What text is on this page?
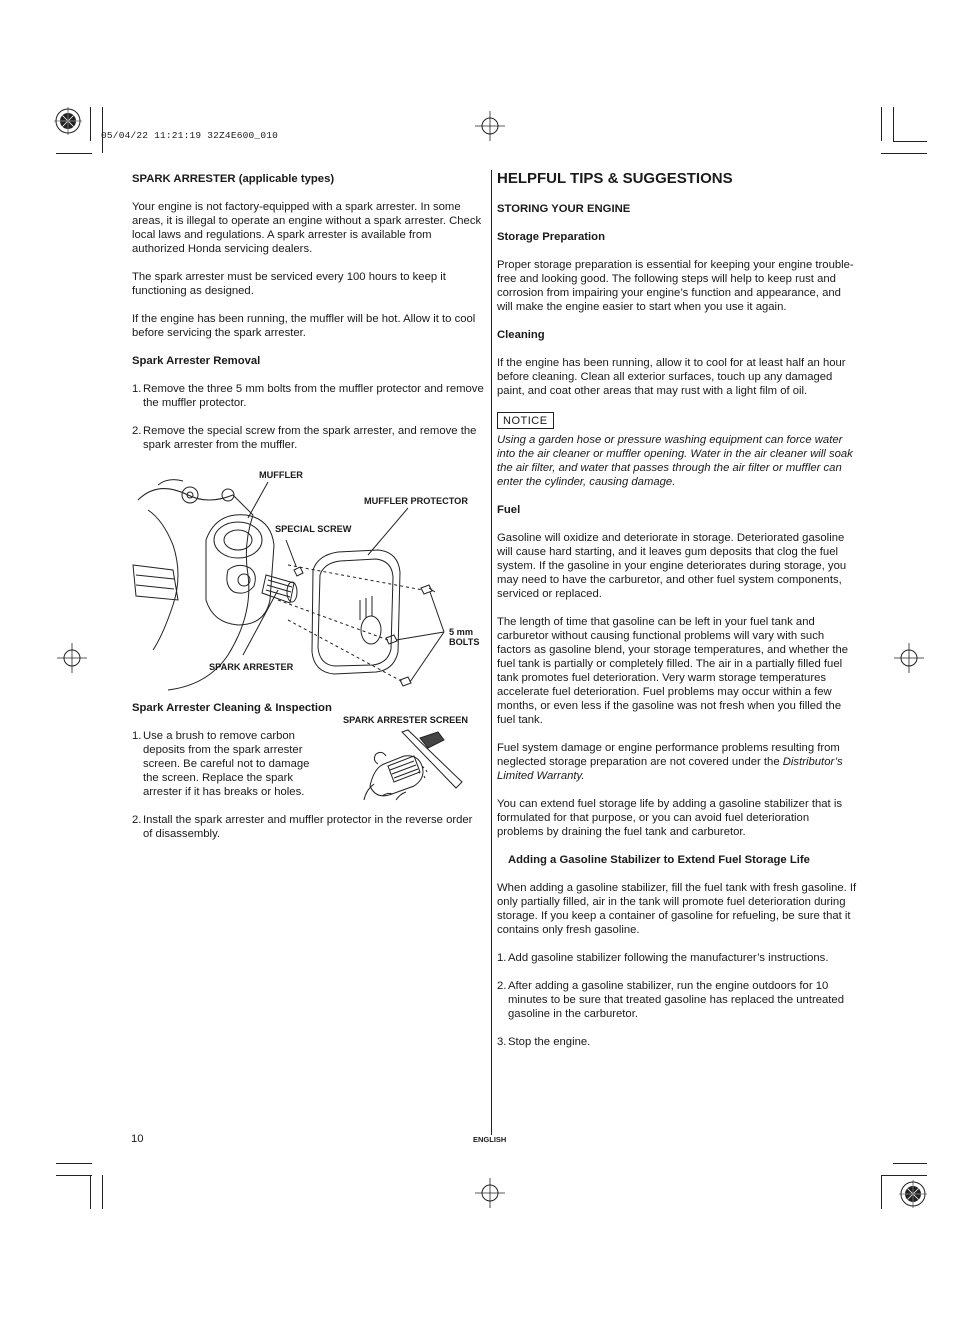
05/04/22 11:21:19 32Z4E600_010

SPARK ARRESTER (applicable types)

Your engine is not factory-equipped with a spark arrester. In some areas, it is illegal to operate an engine without a spark arrester. Check local laws and regulations. A spark arrester is available from authorized Honda servicing dealers.

The spark arrester must be serviced every 100 hours to keep it functioning as designed.

If the engine has been running, the muffler will be hot. Allow it to cool before servicing the spark arrester.

Spark Arrester Removal

1. Remove the three 5 mm bolts from the muffler protector and remove the muffler protector.
2. Remove the special screw from the spark arrester, and remove the spark arrester from the muffler.
MUFFLER
MUFFLER PROTECTOR
SPECIAL SCREW
5 mm
BOLTS
SPARK ARRESTER

Spark Arrester Cleaning & Inspection

1. Use a brush to remove carbon deposits from the spark arrester screen. Be careful not to damage the screen. Replace the spark arrester if it has breaks or holes.
2. Install the spark arrester and muffler protector in the reverse order of disassembly.
SPARK ARRESTER SCREEN

HELPFUL TIPS & SUGGESTIONS

STORING YOUR ENGINE

Storage Preparation

Proper storage preparation is essential for keeping your engine trouble-free and looking good. The following steps will help to keep rust and corrosion from impairing your engine’s function and appearance, and will make the engine easier to start when you use it again.

Cleaning

If the engine has been running, allow it to cool for at least half an hour before cleaning. Clean all exterior surfaces, touch up any damaged paint, and coat other areas that may rust with a light film of oil.

NOTICE

Using a garden hose or pressure washing equipment can force water into the air cleaner or muffler opening. Water in the air cleaner will soak the air filter, and water that passes through the air filter or muffler can enter the cylinder, causing damage.

Fuel

Gasoline will oxidize and deteriorate in storage. Deteriorated gasoline will cause hard starting, and it leaves gum deposits that clog the fuel system. If the gasoline in your engine deteriorates during storage, you may need to have the carburetor, and other fuel system components, serviced or replaced.

The length of time that gasoline can be left in your fuel tank and carburetor without causing functional problems will vary with such factors as gasoline blend, your storage temperatures, and whether the fuel tank is partially or completely filled. The air in a partially filled fuel tank promotes fuel deterioration. Very warm storage temperatures accelerate fuel deterioration. Fuel problems may occur within a few months, or even less if the gasoline was not fresh when you filled the fuel tank.

Fuel system damage or engine performance problems resulting from neglected storage preparation are not covered under the Distributor’s Limited Warranty.

You can extend fuel storage life by adding a gasoline stabilizer that is formulated for that purpose, or you can avoid fuel deterioration problems by draining the fuel tank and carburetor.

Adding a Gasoline Stabilizer to Extend Fuel Storage Life

When adding a gasoline stabilizer, fill the fuel tank with fresh gasoline. If only partially filled, air in the tank will promote fuel deterioration during storage. If you keep a container of gasoline for refueling, be sure that it contains only fresh gasoline.

1. Add gasoline stabilizer following the manufacturer’s instructions.
2. After adding a gasoline stabilizer, run the engine outdoors for 10 minutes to be sure that treated gasoline has replaced the untreated gasoline in the carburetor.
3. Stop the engine.
10	ENGLISH
